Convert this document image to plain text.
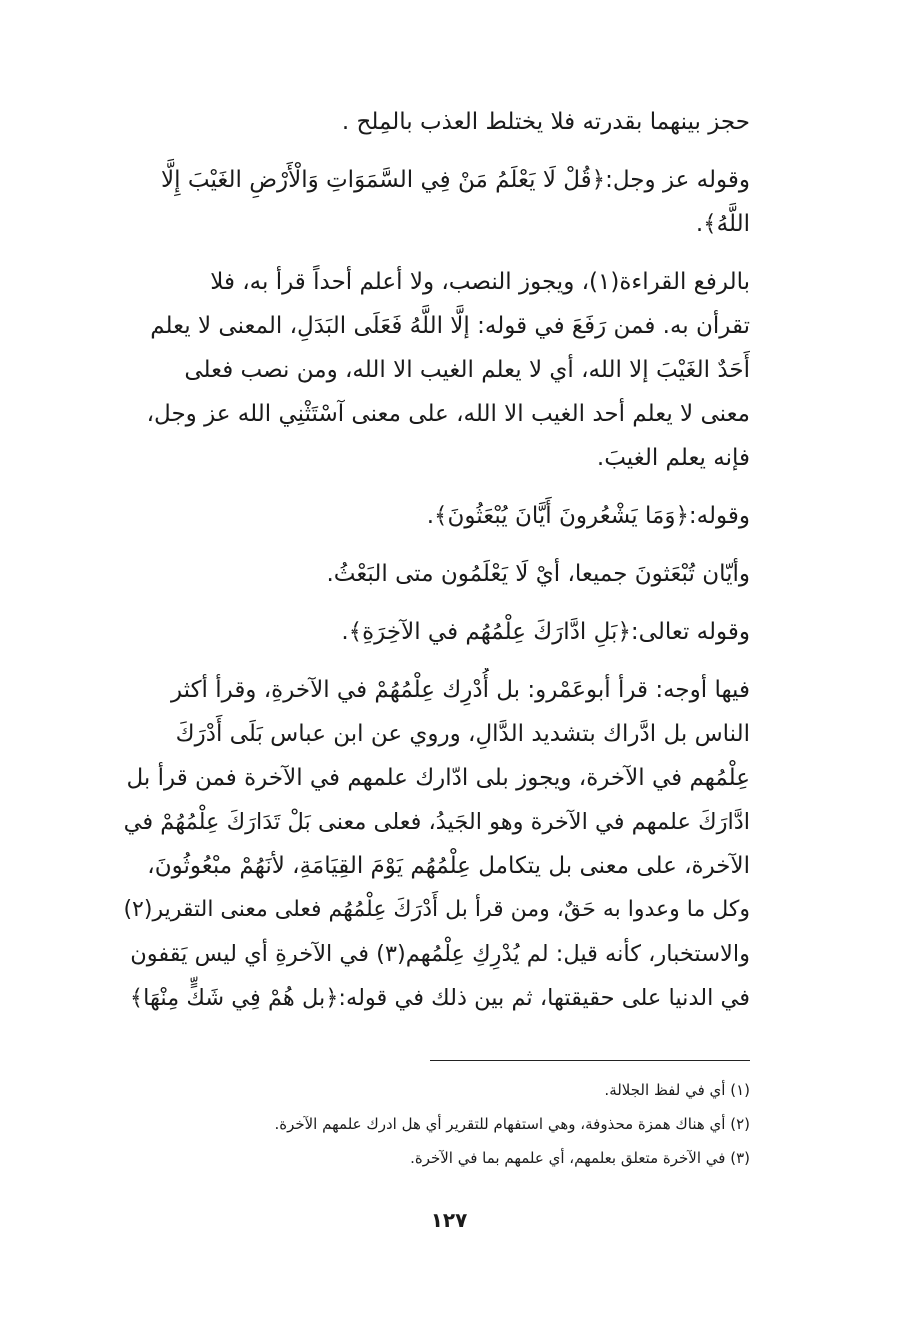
حجز بينهما بقدرته فلا يختلط العذب بالمِلح .
وقوله عز وجل:﴿قُلْ لَا يَعْلَمُ مَنْ فِي السَّمَوَاتِ وَالْأَرْضِ الغَيْبَ إِلَّا
اللَّهُ﴾.
بالرفع القراءة(١)، ويجوز النصب، ولا أعلم أحداً قرأ به، فلا
تقرأن به. فمن رَفَعَ في قوله: إلَّا اللَّهُ فَعَلَى البَدَلِ، المعنى لا يعلم
أَحَدٌ الغَيْبَ إلا الله، أي لا يعلم الغيب الا الله، ومن نصب فعلى
معنى لا يعلم أحد الغيب الا الله، على معنى آسْتَثْنِي الله عز وجل،
فإنه يعلم الغيبَ.
وقوله:﴿وَمَا يَشْعُرونَ أَيَّانَ يُبْعَثُونَ﴾.
وأيّان تُبْعَثونَ جميعا، أيْ لَا يَعْلَمُون متى البَعْثُ.
وقوله تعالى:﴿بَلِ ادَّارَكَ عِلْمُهُم في الآخِرَةِ﴾.
فيها أوجه: قرأ أبوعَمْرو: بل أُدْرِك عِلْمُهُمْ في الآخرةِ، وقرأ أكثر
الناس بل ادَّراك بتشديد الدَّالِ، وروي عن ابن عباس بَلَى أَدْرَكَ
عِلْمُهم في الآخرة، ويجوز بلى ادّارك علمهم في الآخرة فمن قرأ بل
ادَّارَكَ علمهم في الآخرة وهو الجَيدُ، فعلى معنى بَلْ تَدَارَكَ عِلْمُهُمْ في
الآخرة، على معنى بل يتكامل عِلْمُهُم يَوْمَ القِيَامَةِ، لأنَهُمْ مبْعُوثُونَ،
وكل ما وعدوا به حَقٌ، ومن قرأ بل أَدْرَكَ عِلْمُهُم فعلى معنى التقرير(٢)
والاستخبار، كأنه قيل: لم يُدْرِكِ عِلْمُهم(٣) في الآخرةِ أي ليس يَقفون
في الدنيا على حقيقتها، ثم بين ذلك في قوله:﴿بل هُمْ فِي شَكٍّ مِنْهَا﴾
(١) أي في لفظ الجلالة.
(٢) أي هناك همزة محذوفة، وهي استفهام للتقرير أي هل ادرك علمهم الآخرة.
(٣) في الآخرة متعلق بعلمهم، أي علمهم بما في الآخرة.
١٢٧
